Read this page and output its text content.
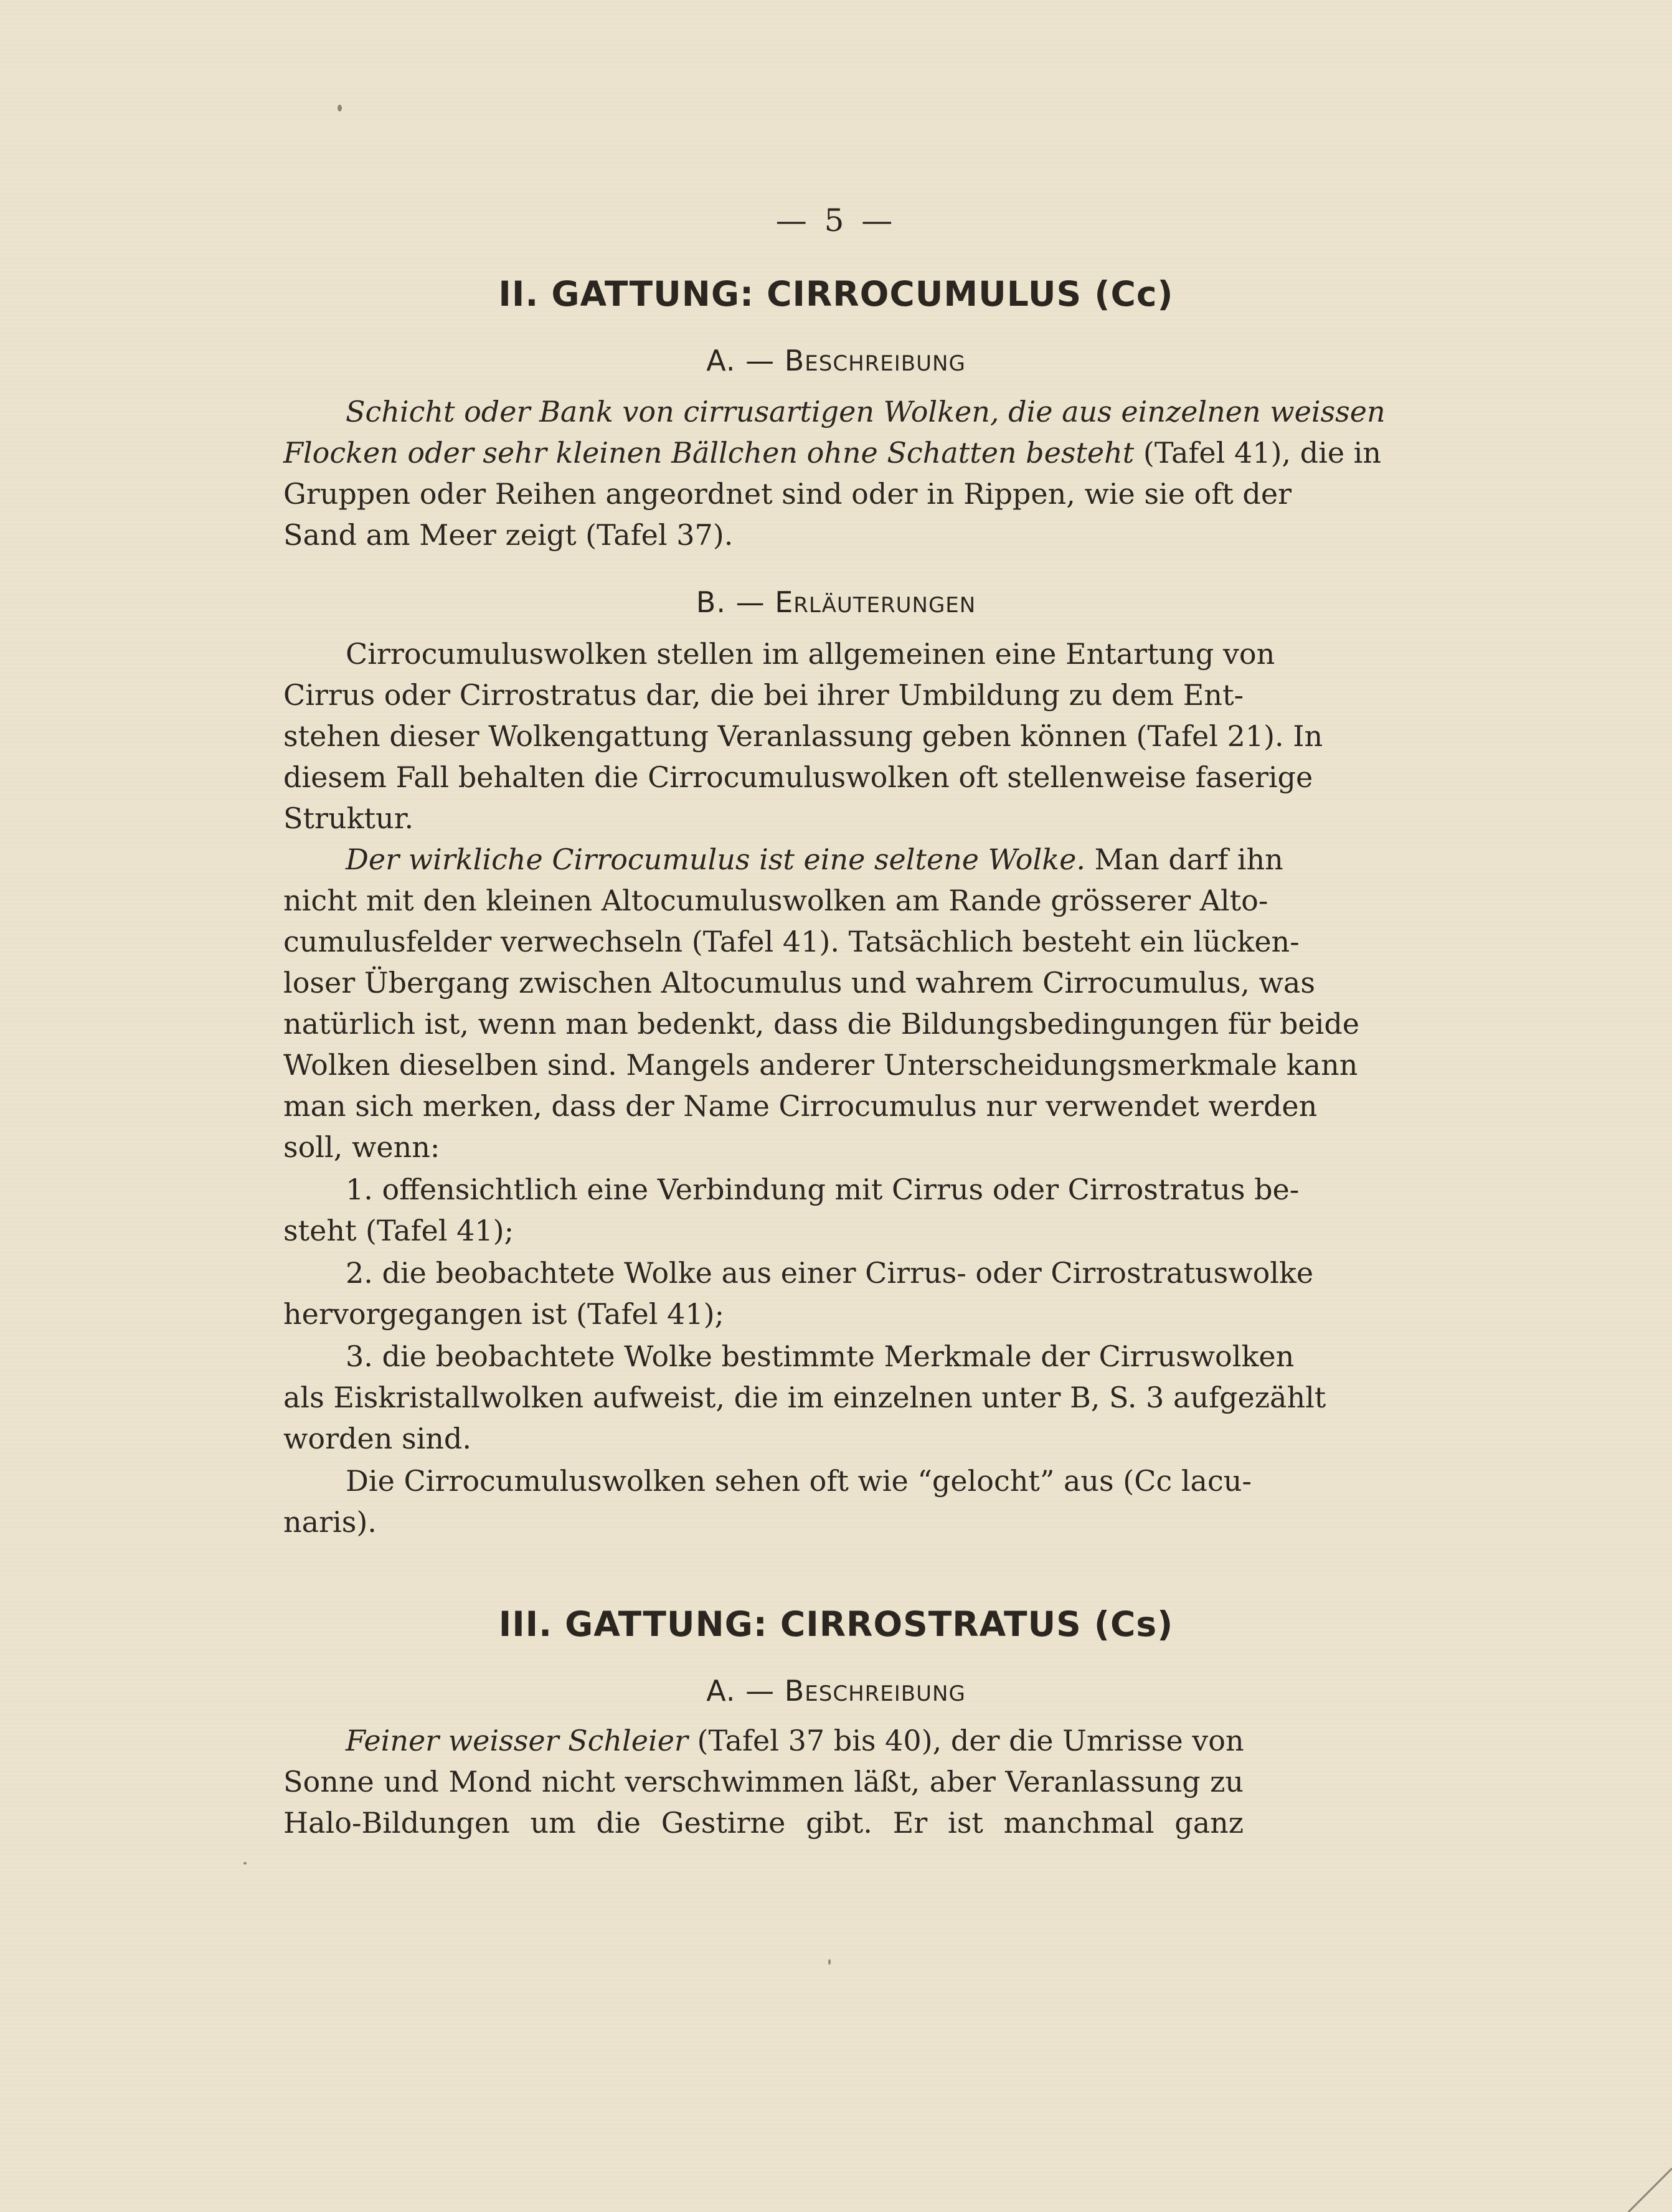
— 5 —
II. GATTUNG: CIRROCUMULUS (Cc)
A. — BESCHREIBUNG
Schicht oder Bank von cirrusartigen Wolken, die aus einzelnen weissen
Flocken oder sehr kleinen Bällchen ohne Schatten besteht (Tafel 41), die in
Gruppen oder Reihen angeordnet sind oder in Rippen, wie sie oft der
Sand am Meer zeigt (Tafel 37).
B. — ERLÄUTERUNGEN
Cirrocumuluswolken stellen im allgemeinen eine Entartung von
Cirrus oder Cirrostratus dar, die bei ihrer Umbildung zu dem Ent-
stehen dieser Wolkengattung Veranlassung geben können (Tafel 21). In
diesem Fall behalten die Cirrocumuluswolken oft stellenweise faserige
Struktur.
Der wirkliche Cirrocumulus ist eine seltene Wolke. Man darf ihn
nicht mit den kleinen Altocumuluswolken am Rande grösserer Alto-
cumulusfelder verwechseln (Tafel 41). Tatsächlich besteht ein lücken-
loser Übergang zwischen Altocumulus und wahrem Cirrocumulus, was
natürlich ist, wenn man bedenkt, dass die Bildungsbedingungen für beide
Wolken dieselben sind. Mangels anderer Unterscheidungsmerkmale kann
man sich merken, dass der Name Cirrocumulus nur verwendet werden
soll, wenn:
1. offensichtlich eine Verbindung mit Cirrus oder Cirrostratus be-
steht (Tafel 41);
2. die beobachtete Wolke aus einer Cirrus- oder Cirrostratuswolke
hervorgegangen ist (Tafel 41);
3. die beobachtete Wolke bestimmte Merkmale der Cirruswolken
als Eiskristallwolken aufweist, die im einzelnen unter B, S. 3 aufgezählt
worden sind.
Die Cirrocumuluswolken sehen oft wie “gelocht” aus (Cc lacu-
naris).
III. GATTUNG: CIRROSTRATUS (Cs)
A. — BESCHREIBUNG
Feiner weisser Schleier (Tafel 37 bis 40), der die Umrisse von
Sonne und Mond nicht verschwimmen läßt, aber Veranlassung zu
Halo-Bildungen um die Gestirne gibt. Er ist manchmal ganz
